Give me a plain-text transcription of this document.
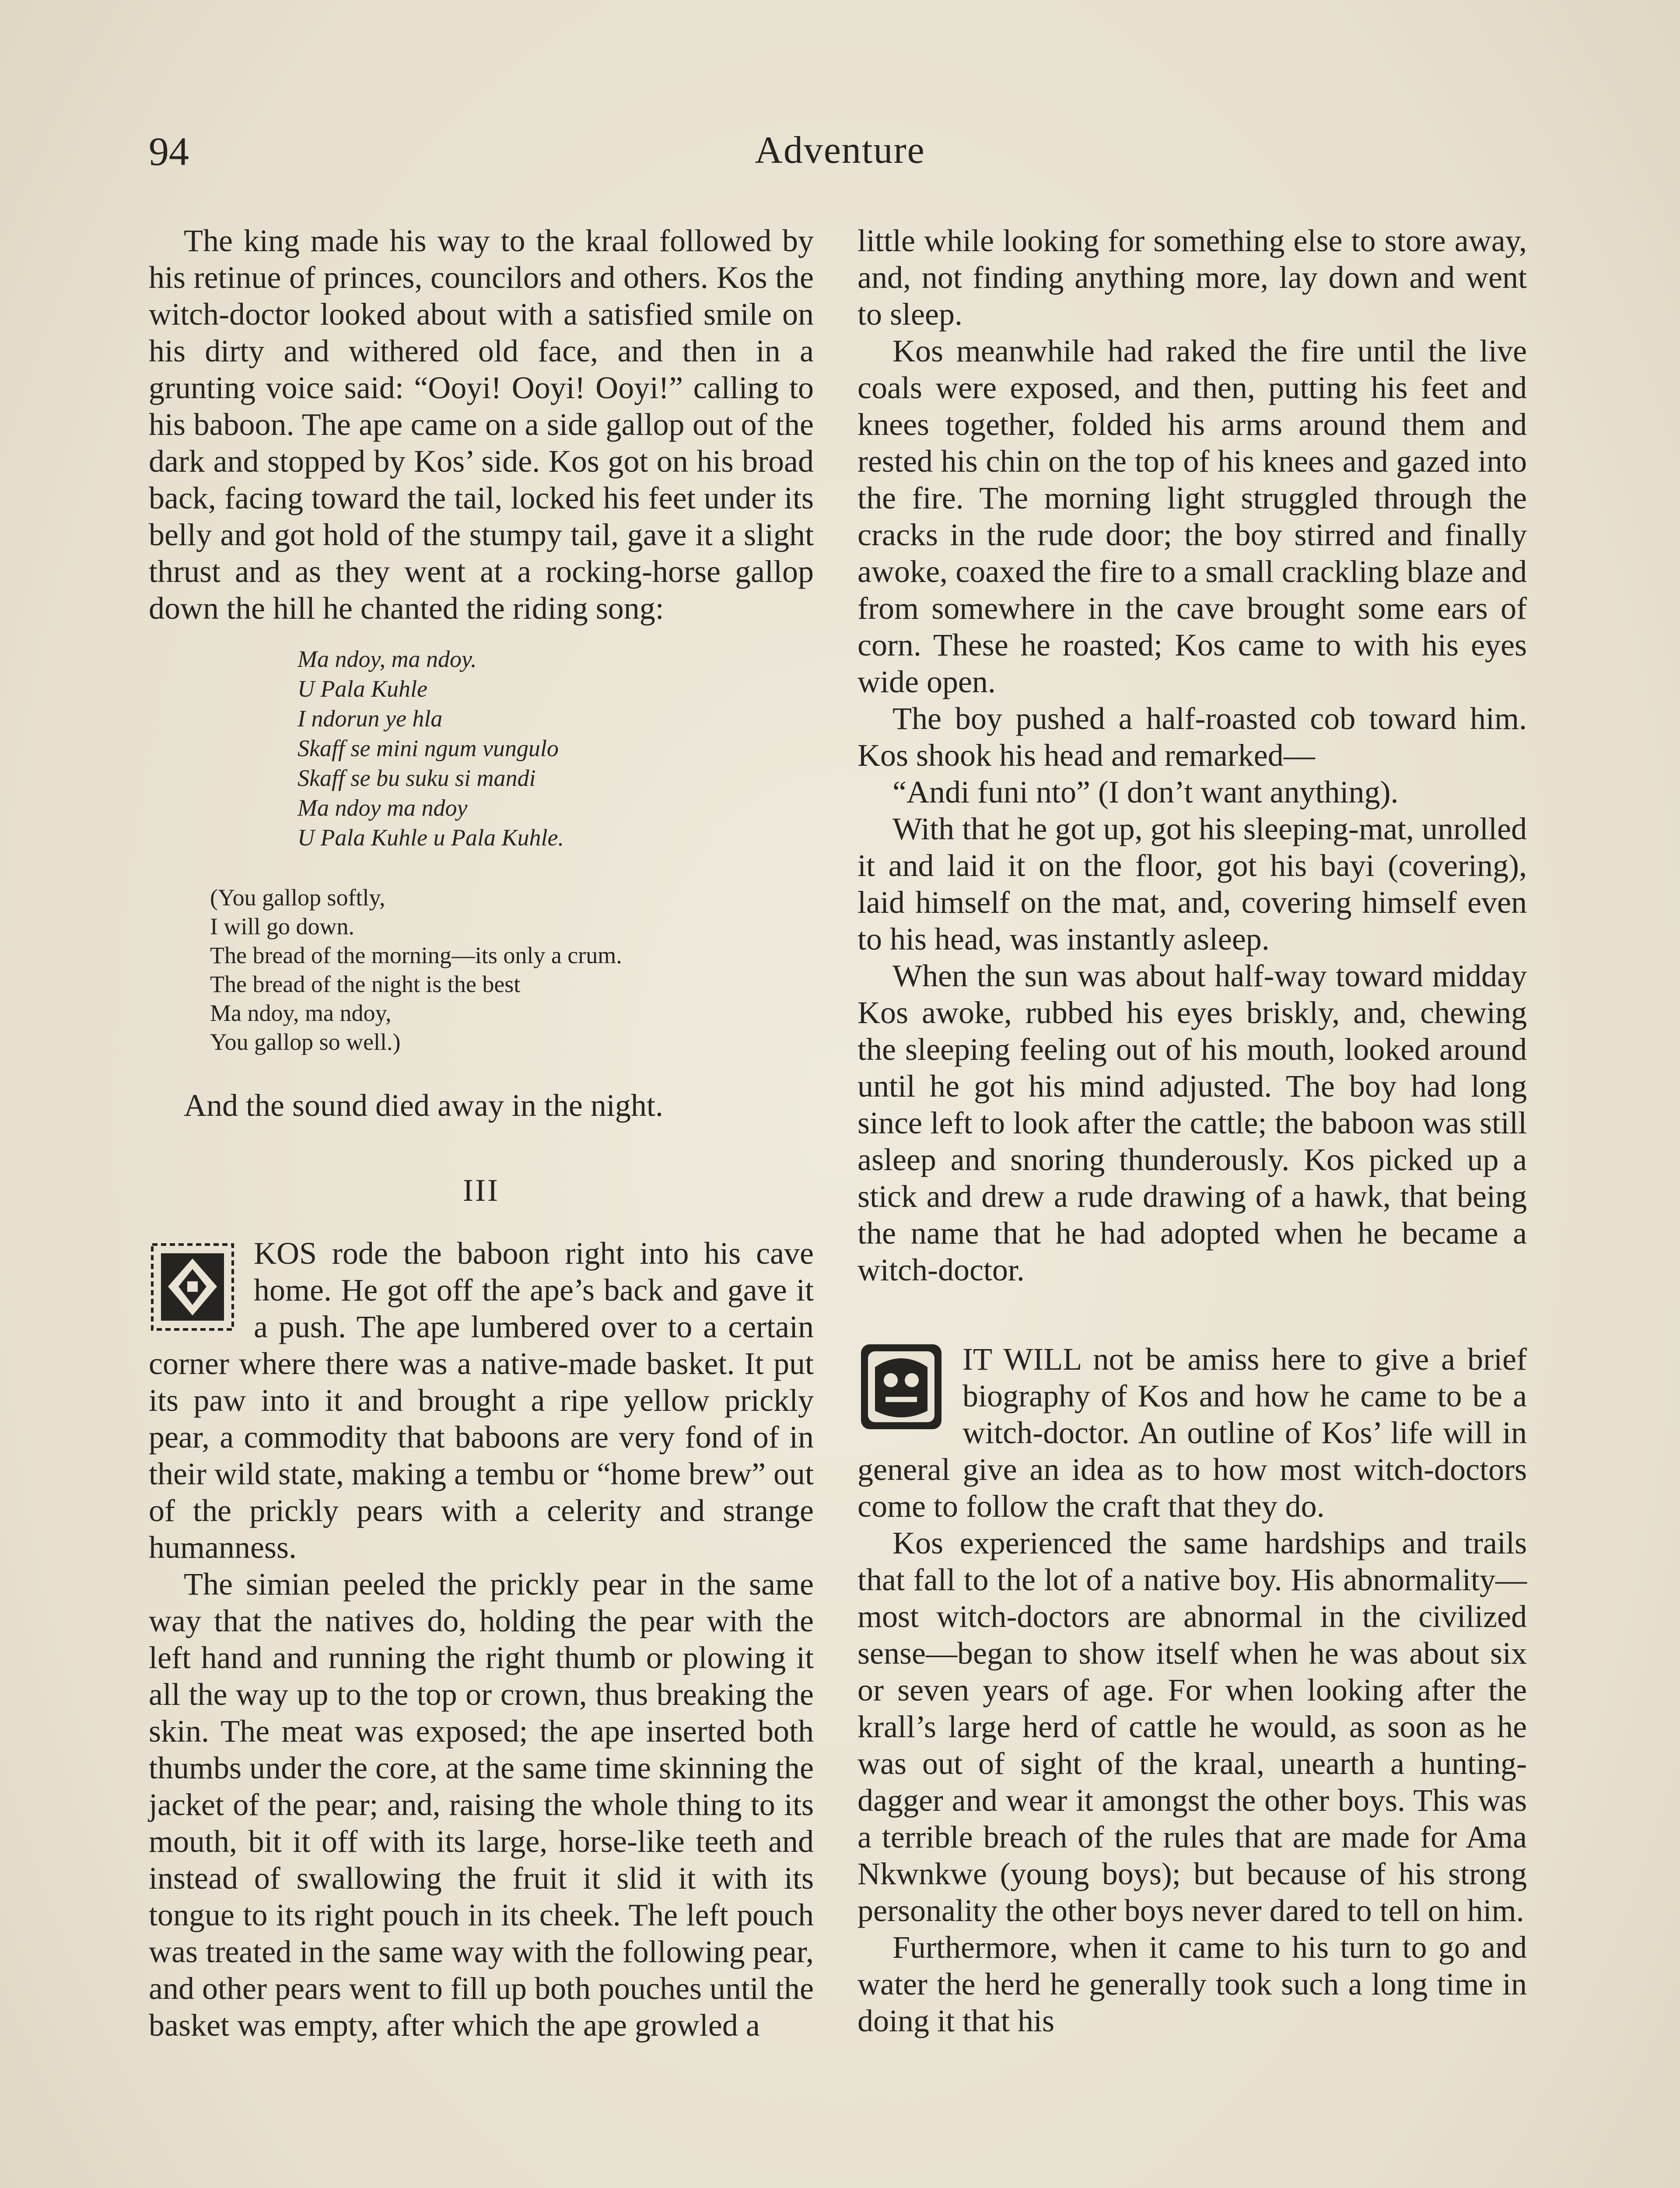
94	Adventure

The king made his way to the kraal followed by his retinue of princes, councilors and others. Kos the witch-doctor looked about with a satisfied smile on his dirty and withered old face, and then in a grunting voice said: “Ooyi! Ooyi! Ooyi!” calling to his baboon. The ape came on a side gallop out of the dark and stopped by Kos’ side. Kos got on his broad back, facing toward the tail, locked his feet under its belly and got hold of the stumpy tail, gave it a slight thrust and as they went at a rocking-horse gallop down the hill he chanted the riding song:

Ma ndoy, ma ndoy.
U Pala Kuhle
I ndorun ye hla
Skaff se mini ngum vungulo
Skaff se bu suku si mandi
Ma ndoy ma ndoy
U Pala Kuhle u Pala Kuhle.
(You gallop softly,
I will go down.
The bread of the morning—its only a crum.
The bread of the night is the best
Ma ndoy, ma ndoy,
You gallop so well.)

And the sound died away in the night.

III

KOS rode the baboon right into his cave home. He got off the ape’s back and gave it a push. The ape lumbered over to a certain corner where there was a native-made basket. It put its paw into it and brought a ripe yellow prickly pear, a commodity that baboons are very fond of in their wild state, making a tembu or “home brew” out of the prickly pears with a celerity and strange humanness.

The simian peeled the prickly pear in the same way that the natives do, holding the pear with the left hand and running the right thumb or plowing it all the way up to the top or crown, thus breaking the skin. The meat was exposed; the ape inserted both thumbs under the core, at the same time skinning the jacket of the pear; and, raising the whole thing to its mouth, bit it off with its large, horse-like teeth and instead of swallowing the fruit it slid it with its tongue to its right pouch in its cheek. The left pouch was treated in the same way with the following pear, and other pears went to fill up both pouches until the basket was empty, after which the ape growled a

little while looking for something else to store away, and, not finding anything more, lay down and went to sleep.

Kos meanwhile had raked the fire until the live coals were exposed, and then, putting his feet and knees together, folded his arms around them and rested his chin on the top of his knees and gazed into the fire. The morning light struggled through the cracks in the rude door; the boy stirred and finally awoke, coaxed the fire to a small crackling blaze and from somewhere in the cave brought some ears of corn. These he roasted; Kos came to with his eyes wide open.

The boy pushed a half-roasted cob toward him. Kos shook his head and remarked—

“Andi funi nto” (I don’t want anything).

With that he got up, got his sleeping-mat, unrolled it and laid it on the floor, got his bayi (covering), laid himself on the mat, and, covering himself even to his head, was instantly asleep.

When the sun was about half-way toward midday Kos awoke, rubbed his eyes briskly, and, chewing the sleeping feeling out of his mouth, looked around until he got his mind adjusted. The boy had long since left to look after the cattle; the baboon was still asleep and snoring thunderously. Kos picked up a stick and drew a rude drawing of a hawk, that being the name that he had adopted when he became a witch-doctor.

IT WILL not be amiss here to give a brief biography of Kos and how he came to be a witch-doctor. An outline of Kos’ life will in general give an idea as to how most witch-doctors come to follow the craft that they do.

Kos experienced the same hardships and trails that fall to the lot of a native boy. His abnormality—most witch-doctors are abnormal in the civilized sense—began to show itself when he was about six or seven years of age. For when looking after the krall’s large herd of cattle he would, as soon as he was out of sight of the kraal, unearth a hunting-dagger and wear it amongst the other boys. This was a terrible breach of the rules that are made for Ama Nkwnkwe (young boys); but because of his strong personality the other boys never dared to tell on him.

Furthermore, when it came to his turn to go and water the herd he generally took such a long time in doing it that his
